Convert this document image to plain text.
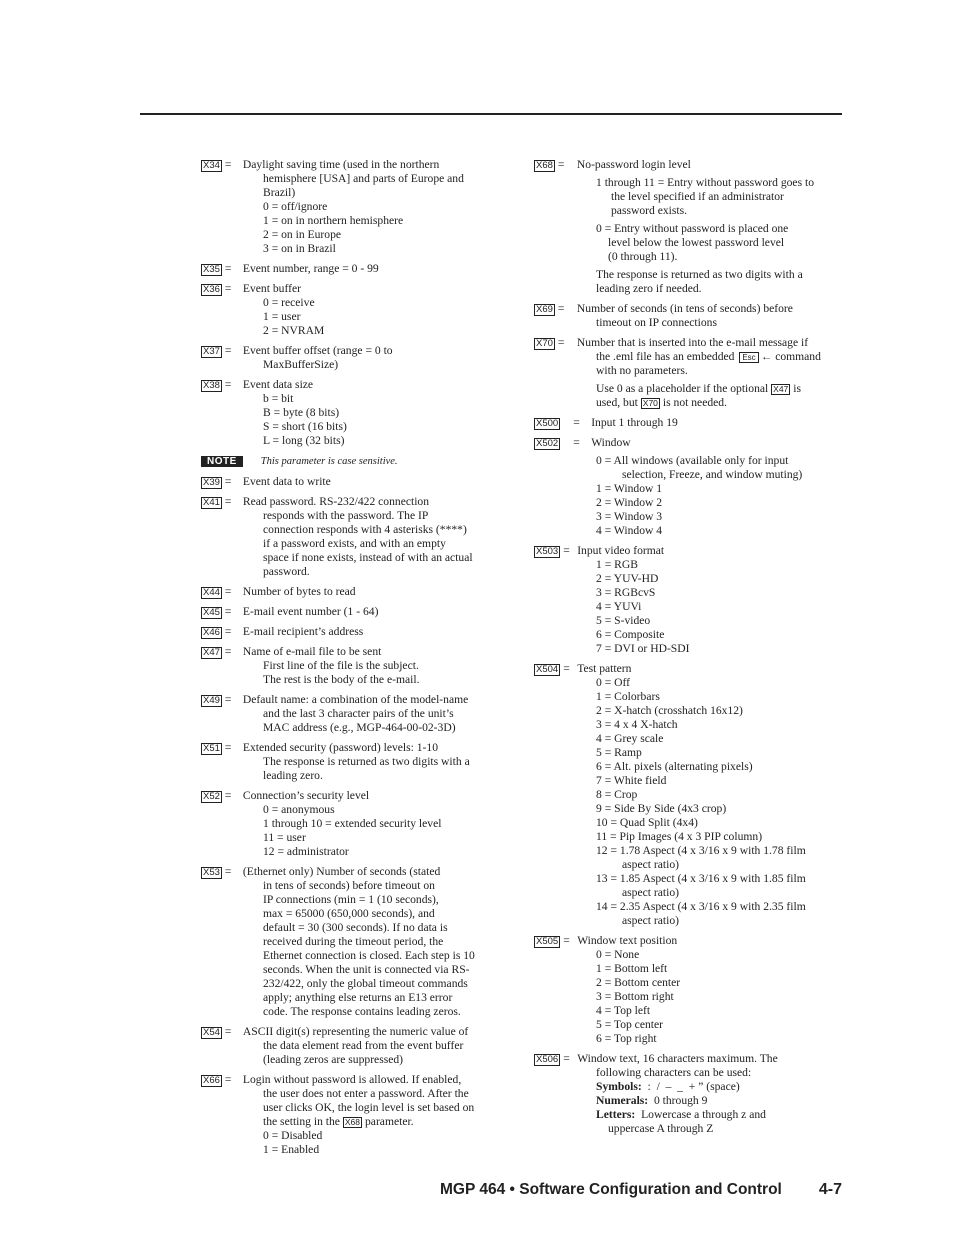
X34 = Daylight saving time (used in the northern
hemisphere [USA] and parts of Europe and
Brazil)
0 = off/ignore
1 = on in northern hemisphere
2 = on in Europe
3 = on in Brazil
X35 = Event number, range = 0 - 99
X36 = Event buffer
0 = receive
1 = user
2 = NVRAM
X37 = Event buffer offset (range = 0 to
MaxBufferSize)
X38 = Event data size
b = bit
B = byte (8 bits)
S = short (16 bits)
L = long (32 bits)
NOTE This parameter is case sensitive.
X39 = Event data to write
X41 = Read password. RS-232/422 connection
responds with the password. The IP
connection responds with 4 asterisks (****)
if a password exists, and with an empty
space if none exists, instead of with an actual
password.
X44 = Number of bytes to read
X45 = E-mail event number (1 - 64)
X46 = E-mail recipient’s address
X47 = Name of e-mail file to be sent
First line of the file is the subject.
The rest is the body of the e-mail.
X49 = Default name: a combination of the model-name
and the last 3 character pairs of the unit’s
MAC address (e.g., MGP-464-00-02-3D)
X51 = Extended security (password) levels: 1-10
The response is returned as two digits with a
leading zero.
X52 = Connection’s security level
0 = anonymous
1 through 10 = extended security level
11 = user
12 = administrator
X53 = (Ethernet only) Number of seconds (stated
in tens of seconds) before timeout on
IP connections (min = 1 (10 seconds),
max = 65000 (650,000 seconds), and
default = 30 (300 seconds). If no data is
received during the timeout period, the
Ethernet connection is closed. Each step is 10
seconds. When the unit is connected via RS-
232/422, only the global timeout commands
apply; anything else returns an E13 error
code. The response contains leading zeros.
X54 = ASCII digit(s) representing the numeric value of
the data element read from the event buffer
(leading zeros are suppressed)
X66 = Login without password is allowed. If enabled,
the user does not enter a password. After the
user clicks OK, the login level is set based on
the setting in the X68 parameter.
0 = Disabled
1 = Enabled
X68 = No-password login level
1 through 11 = Entry without password goes to
the level specified if an administrator
password exists.
0 = Entry without password is placed one
level below the lowest password level
(0 through 11).
The response is returned as two digits with a
leading zero if needed.
X69 = Number of seconds (in tens of seconds) before
timeout on IP connections
X70 = Number that is inserted into the e-mail message if
the .eml file has an embedded Esc ← command
with no parameters.
Use 0 as a placeholder if the optional X47 is
used, but X70 is not needed.
X500 = Input 1 through 19
X502 = Window
0 = All windows (available only for input
selection, Freeze, and window muting)
1 = Window 1
2 = Window 2
3 = Window 3
4 = Window 4
X503 = Input video format
1 = RGB
2 = YUV-HD
3 = RGBcvS
4 = YUVi
5 = S-video
6 = Composite
7 = DVI or HD-SDI
X504 = Test pattern
0 = Off
1 = Colorbars
2 = X-hatch (crosshatch 16x12)
3 = 4 x 4 X-hatch
4 = Grey scale
5 = Ramp
6 = Alt. pixels (alternating pixels)
7 = White field
8 = Crop
9 = Side By Side (4x3 crop)
10 = Quad Split (4x4)
11 = Pip Images (4 x 3 PIP column)
12 = 1.78 Aspect (4 x 3/16 x 9 with 1.78 film
aspect ratio)
13 = 1.85 Aspect (4 x 3/16 x 9 with 1.85 film
aspect ratio)
14 = 2.35 Aspect (4 x 3/16 x 9 with 2.35 film
aspect ratio)
X505 = Window text position
0 = None
1 = Bottom left
2 = Bottom center
3 = Bottom right
4 = Top left
5 = Top center
6 = Top right
X506 = Window text, 16 characters maximum. The
following characters can be used:
Symbols:  :  /  –  _  + ” (space)
Numerals:  0 through 9
Letters:  Lowercase a through z and
uppercase A through Z
MGP 464 • Software Configuration and Control 4-7
